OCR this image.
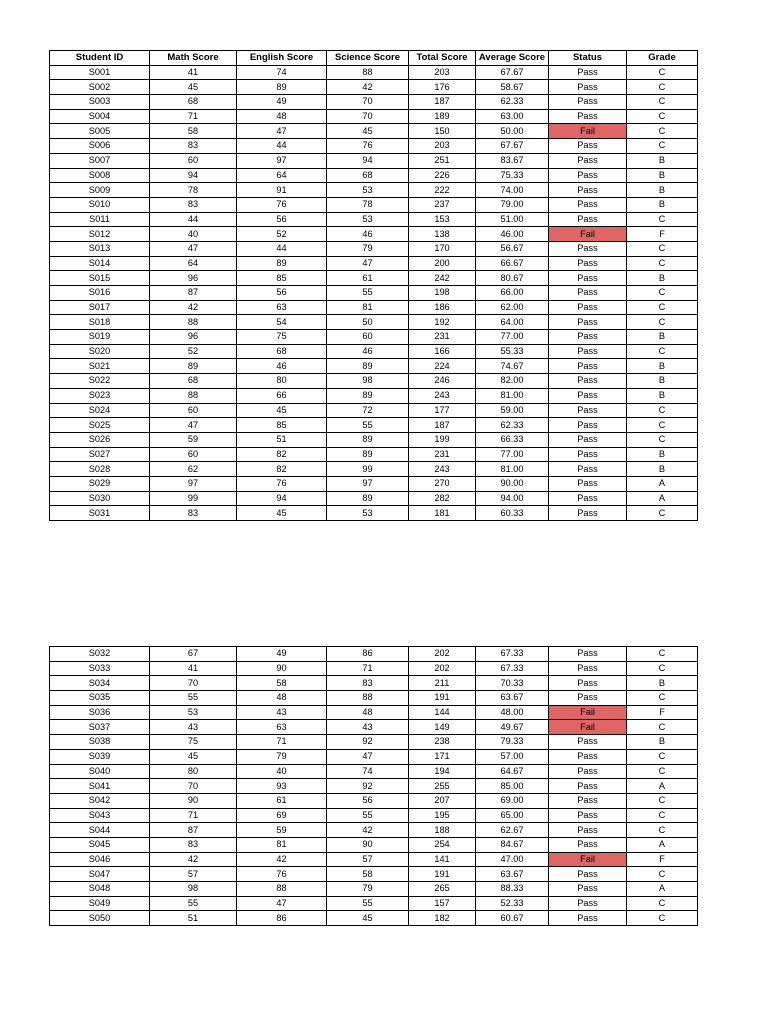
Student ID	Math Score	English Score	Science Score	Total Score	Average Score	Status	Grade
S001	41	74	88	203	67.67	Pass	C
S002	45	89	42	176	58.67	Pass	C
S003	68	49	70	187	62.33	Pass	C
S004	71	48	70	189	63.00	Pass	C
S005	58	47	45	150	50.00	Fail	C
S006	83	44	76	203	67.67	Pass	C
S007	60	97	94	251	83.67	Pass	B
S008	94	64	68	226	75.33	Pass	B
S009	78	91	53	222	74.00	Pass	B
S010	83	76	78	237	79.00	Pass	B
S011	44	56	53	153	51.00	Pass	C
S012	40	52	46	138	46.00	Fail	F
S013	47	44	79	170	56.67	Pass	C
S014	64	89	47	200	66.67	Pass	C
S015	96	85	61	242	80.67	Pass	B
S016	87	56	55	198	66.00	Pass	C
S017	42	63	81	186	62.00	Pass	C
S018	88	54	50	192	64.00	Pass	C
S019	96	75	60	231	77.00	Pass	B
S020	52	68	46	166	55.33	Pass	C
S021	89	46	89	224	74.67	Pass	B
S022	68	80	98	246	82.00	Pass	B
S023	88	66	89	243	81.00	Pass	B
S024	60	45	72	177	59.00	Pass	C
S025	47	85	55	187	62.33	Pass	C
S026	59	51	89	199	66.33	Pass	C
S027	60	82	89	231	77.00	Pass	B
S028	62	82	99	243	81.00	Pass	B
S029	97	76	97	270	90.00	Pass	A
S030	99	94	89	282	94.00	Pass	A
S031	83	45	53	181	60.33	Pass	C
S032	67	49	86	202	67.33	Pass	C
S033	41	90	71	202	67.33	Pass	C
S034	70	58	83	211	70.33	Pass	B
S035	55	48	88	191	63.67	Pass	C
S036	53	43	48	144	48.00	Fail	F
S037	43	63	43	149	49.67	Fail	C
S038	75	71	92	238	79.33	Pass	B
S039	45	79	47	171	57.00	Pass	C
S040	80	40	74	194	64.67	Pass	C
S041	70	93	92	255	85.00	Pass	A
S042	90	61	56	207	69.00	Pass	C
S043	71	69	55	195	65.00	Pass	C
S044	87	59	42	188	62.67	Pass	C
S045	83	81	90	254	84.67	Pass	A
S046	42	42	57	141	47.00	Fail	F
S047	57	76	58	191	63.67	Pass	C
S048	98	88	79	265	88.33	Pass	A
S049	55	47	55	157	52.33	Pass	C
S050	51	86	45	182	60.67	Pass	C
